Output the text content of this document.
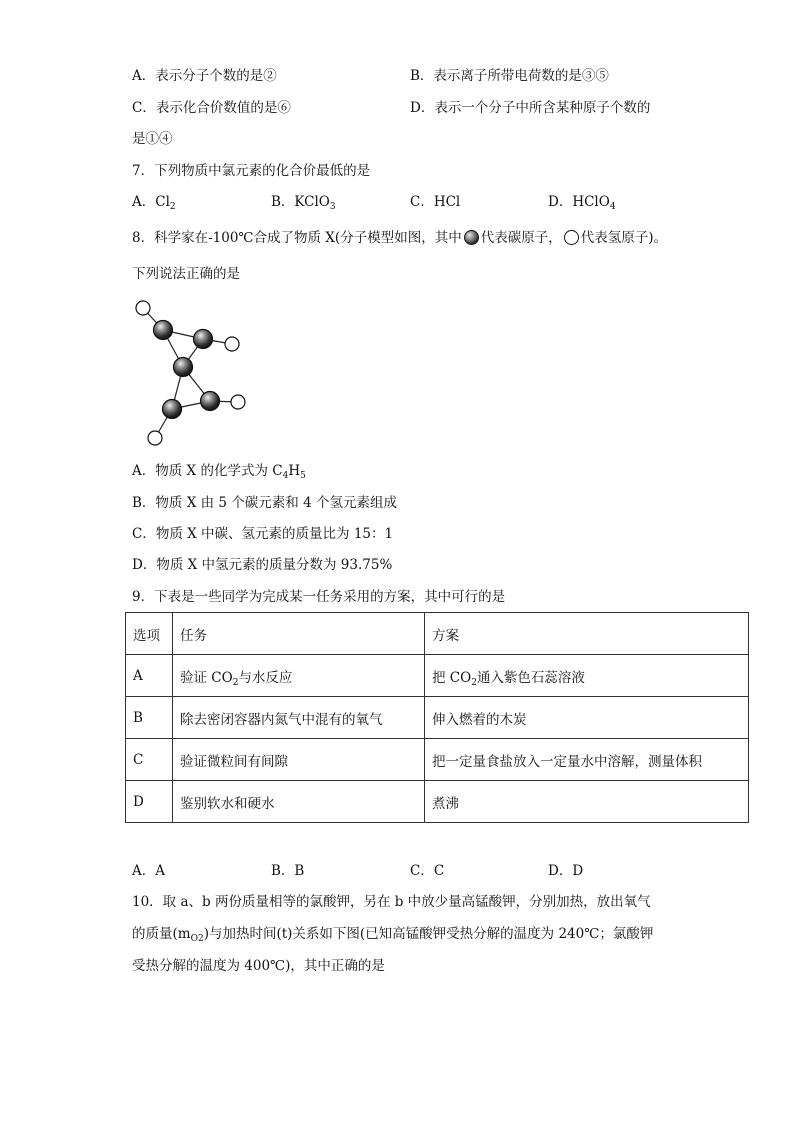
A．表示分子个数的是②	B．表示离子所带电荷数的是③⑤
C．表示化合价数值的是⑥	D．表示一个分子中所含某种原子个数的
是①④
7．下列物质中氯元素的化合价最低的是
A．$Cl_2$	B．KClO$_3$	C．HCl	D．HClO$_4$
8．科学家在-100℃合成了物质 X(分子模型如图，其中 代表碳原子， 代表氢原子)。
下列说法正确的是
A．物质 X 的化学式为 $C_4H_5$
B．物质 X 由 5 个碳元素和 4 个氢元素组成
C．物质 X 中碳、氢元素的质量比为 15：1
D．物质 X 中氢元素的质量分数为 93.75%
9．下表是一些同学为完成某一任务采用的方案，其中可行的是
选项	任务	方案
A	验证 $CO_2$与水反应	把 $CO_2$通入紫色石蕊溶液
B	除去密闭容器内氮气中混有的氧气	伸入燃着的木炭
C	验证微粒间有间隙	把一定量食盐放入一定量水中溶解，测量体积
D	鉴别软水和硬水	煮沸
A．A	B．B	C．C	D．D
10．取 a、b 两份质量相等的氯酸钾，另在 b 中放少量高锰酸钾，分别加热，放出氧气
的质量$(m_{O2})$与加热时间(t)关系如下图(已知高锰酸钾受热分解的温度为 240℃；氯酸钾
受热分解的温度为 400℃)，其中正确的是
